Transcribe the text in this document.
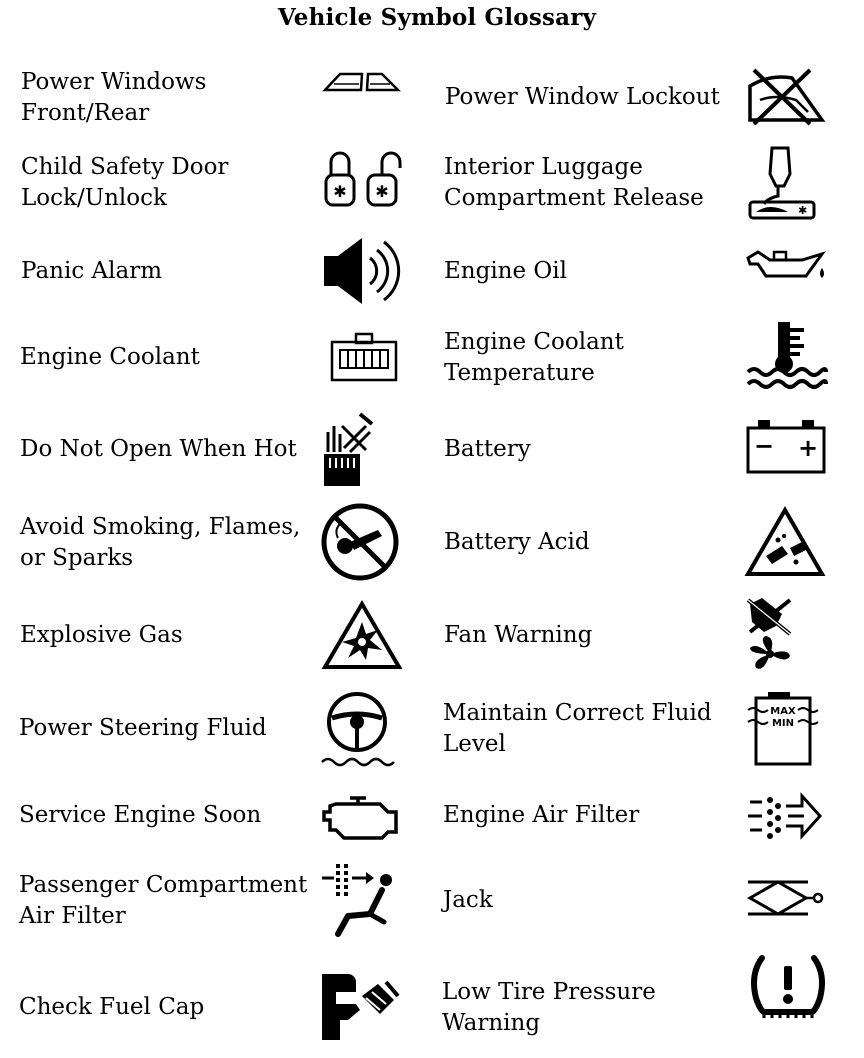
Vehicle Symbol Glossary
Power Windows
Front/Rear
Child Safety Door
Lock/Unlock
Panic Alarm
Engine Coolant
Do Not Open When Hot
Avoid Smoking, Flames,
or Sparks
Explosive Gas
Power Steering Fluid
Service Engine Soon
Passenger Compartment
Air Filter
Check Fuel Cap
Power Window Lockout
Interior Luggage
Compartment Release
Engine Oil
Engine Coolant
Temperature
Battery
Battery Acid
Fan Warning
Maintain Correct Fluid
Level
Engine Air Filter
Jack
Low Tire Pressure
Warning
✱ ✱
✱
− +
MAX
MIN
